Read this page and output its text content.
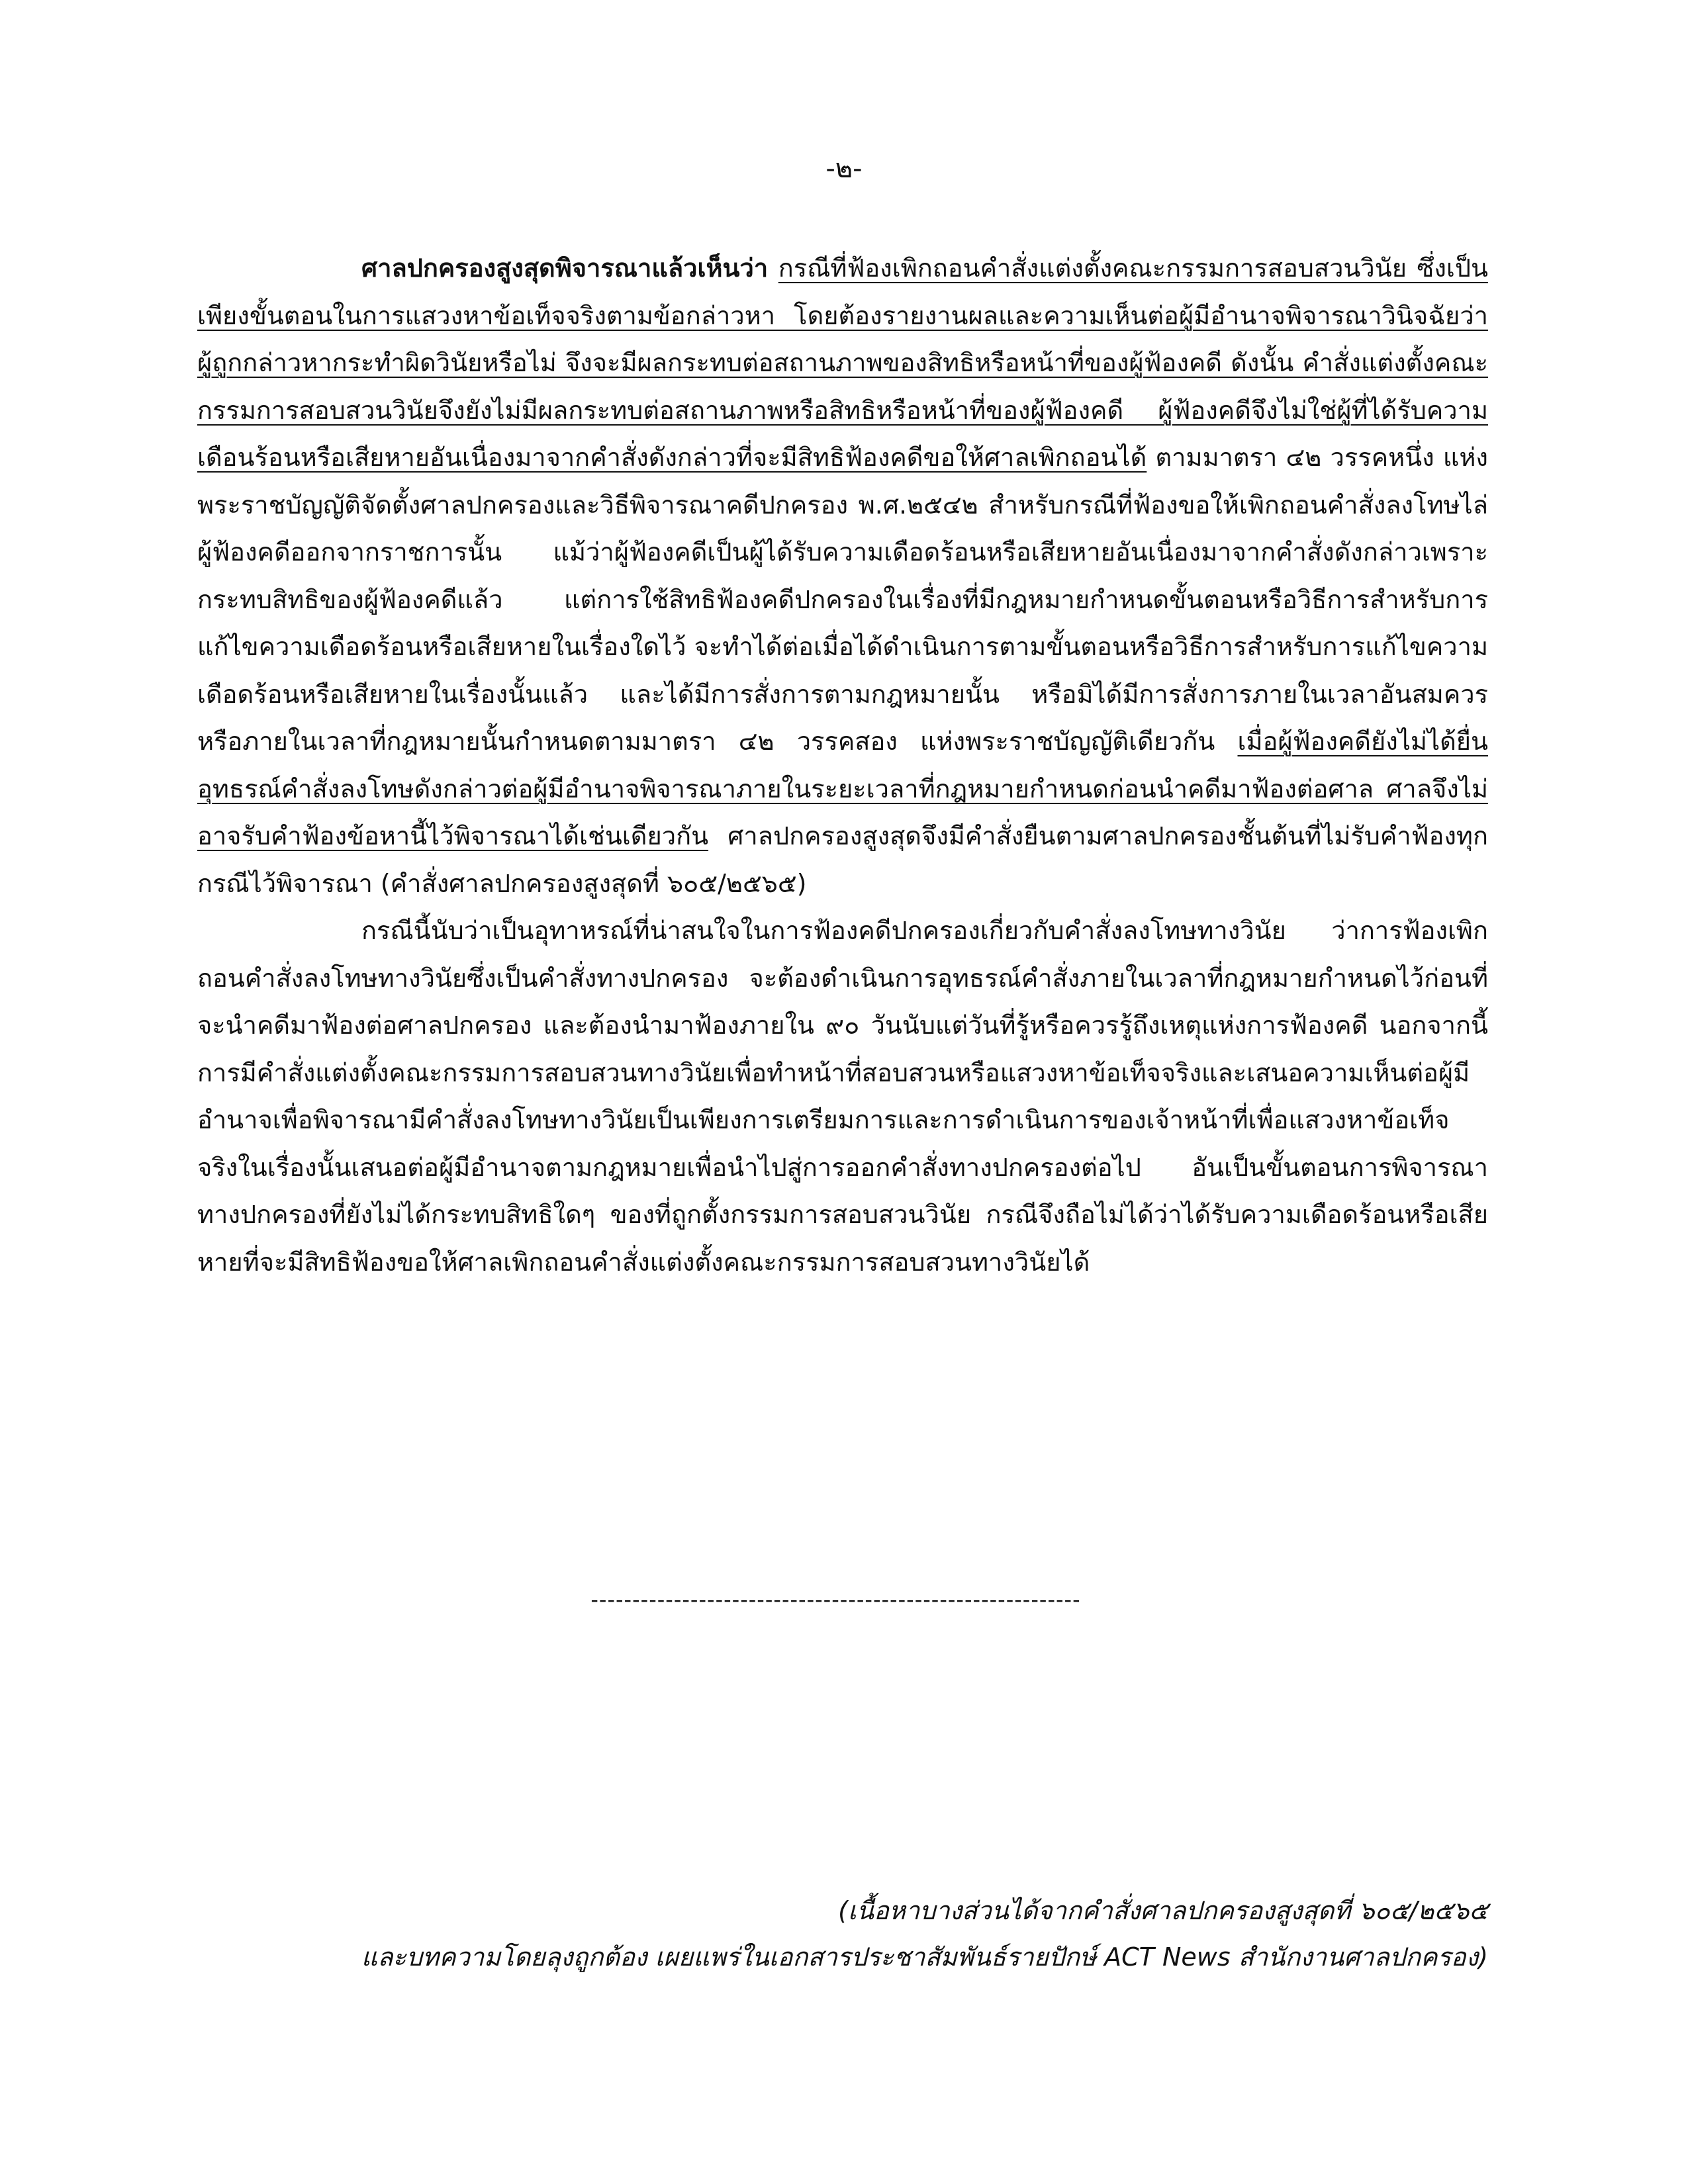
-๒-

ศาลปกครองสูงสุดพิจารณาแล้วเห็นว่า กรณีที่ฟ้องเพิกถอนคำสั่งแต่งตั้งคณะกรรมการสอบสวนวินัย ซึ่งเป็นเพียงขั้นตอนในการแสวงหาข้อเท็จจริงตามข้อกล่าวหา โดยต้องรายงานผลและความเห็นต่อผู้มีอำนาจพิจารณาวินิจฉัยว่าผู้ถูกกล่าวหากระทำผิดวินัยหรือไม่ จึงจะมีผลกระทบต่อสถานภาพของสิทธิหรือหน้าที่ของผู้ฟ้องคดี ดังนั้น คำสั่งแต่งตั้งคณะกรรมการสอบสวนวินัยจึงยังไม่มีผลกระทบต่อสถานภาพหรือสิทธิหรือหน้าที่ของผู้ฟ้องคดี ผู้ฟ้องคดีจึงไม่ใช่ผู้ที่ได้รับความเดือนร้อนหรือเสียหายอันเนื่องมาจากคำสั่งดังกล่าวที่จะมีสิทธิฟ้องคดีขอให้ศาลเพิกถอนได้ ตามมาตรา ๔๒ วรรคหนึ่ง แห่งพระราชบัญญัติจัดตั้งศาลปกครองและวิธีพิจารณาคดีปกครอง พ.ศ.๒๕๔๒ สำหรับกรณีที่ฟ้องขอให้เพิกถอนคำสั่งลงโทษไล่ผู้ฟ้องคดีออกจากราชการนั้น แม้ว่าผู้ฟ้องคดีเป็นผู้ได้รับความเดือดร้อนหรือเสียหายอันเนื่องมาจากคำสั่งดังกล่าวเพราะกระทบสิทธิของผู้ฟ้องคดีแล้ว แต่การใช้สิทธิฟ้องคดีปกครองในเรื่องที่มีกฎหมายกำหนดขั้นตอนหรือวิธีการสำหรับการแก้ไขความเดือดร้อนหรือเสียหายในเรื่องใดไว้ จะทำได้ต่อเมื่อได้ดำเนินการตามขั้นตอนหรือวิธีการสำหรับการแก้ไขความเดือดร้อนหรือเสียหายในเรื่องนั้นแล้ว และได้มีการสั่งการตามกฎหมายนั้น หรือมิได้มีการสั่งการภายในเวลาอันสมควร หรือภายในเวลาที่กฎหมายนั้นกำหนดตามมาตรา ๔๒ วรรคสอง แห่งพระราชบัญญัติเดียวกัน เมื่อผู้ฟ้องคดียังไม่ได้ยื่นอุทธรณ์คำสั่งลงโทษดังกล่าวต่อผู้มีอำนาจพิจารณาภายในระยะเวลาที่กฎหมายกำหนดก่อนนำคดีมาฟ้องต่อศาล ศาลจึงไม่อาจรับคำฟ้องข้อหานี้ไว้พิจารณาได้เช่นเดียวกัน ศาลปกครองสูงสุดจึงมีคำสั่งยืนตามศาลปกครองชั้นต้นที่ไม่รับคำฟ้องทุกกรณีไว้พิจารณา (คำสั่งศาลปกครองสูงสุดที่ ๖๐๕/๒๕๖๕)

กรณีนี้นับว่าเป็นอุทาหรณ์ที่น่าสนใจในการฟ้องคดีปกครองเกี่ยวกับคำสั่งลงโทษทางวินัย ว่าการฟ้องเพิกถอนคำสั่งลงโทษทางวินัยซึ่งเป็นคำสั่งทางปกครอง จะต้องดำเนินการอุทธรณ์คำสั่งภายในเวลาที่กฎหมายกำหนดไว้ก่อนที่จะนำคดีมาฟ้องต่อศาลปกครอง และต้องนำมาฟ้องภายใน ๙๐ วันนับแต่วันที่รู้หรือควรรู้ถึงเหตุแห่งการฟ้องคดี นอกจากนี้ การมีคำสั่งแต่งตั้งคณะกรรมการสอบสวนทางวินัยเพื่อทำหน้าที่สอบสวนหรือแสวงหาข้อเท็จจริงและเสนอความเห็นต่อผู้มีอำนาจเพื่อพิจารณามีคำสั่งลงโทษทางวินัยเป็นเพียงการเตรียมการและการดำเนินการของเจ้าหน้าที่เพื่อแสวงหาข้อเท็จจริงในเรื่องนั้นเสนอต่อผู้มีอำนาจตามกฎหมายเพื่อนำไปสู่การออกคำสั่งทางปกครองต่อไป อันเป็นขั้นตอนการพิจารณาทางปกครองที่ยังไม่ได้กระทบสิทธิใดๆ ของที่ถูกตั้งกรรมการสอบสวนวินัย กรณีจึงถือไม่ได้ว่าได้รับความเดือดร้อนหรือเสียหายที่จะมีสิทธิฟ้องขอให้ศาลเพิกถอนคำสั่งแต่งตั้งคณะกรรมการสอบสวนทางวินัยได้

-----------------------------------------------------------
(เนื้อหาบางส่วนได้จากคำสั่งศาลปกครองสูงสุดที่ ๖๐๕/๒๕๖๕
และบทความโดยลุงถูกต้อง เผยแพร่ในเอกสารประชาสัมพันธ์รายปักษ์ ACT News สำนักงานศาลปกครอง)
